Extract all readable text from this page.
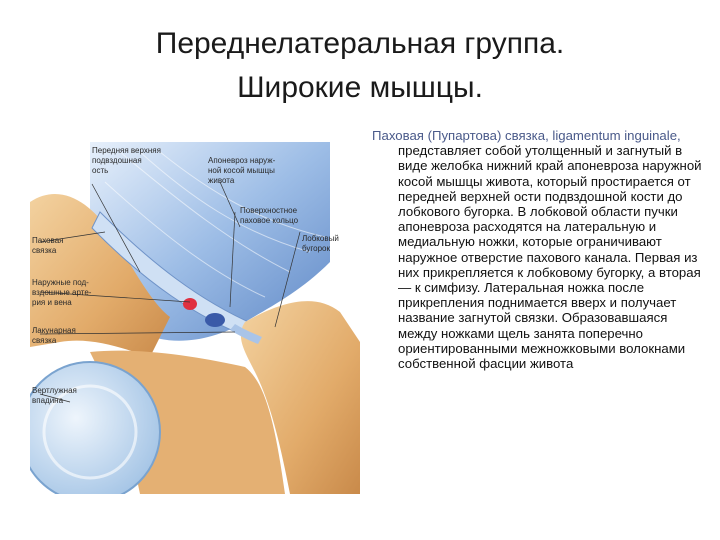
Переднелатеральная группа.
Широкие мышцы.
Передняя верхняя
подвздошная
ость
Апоневроз наруж-
ной косой мышцы
живота
Поверхностное
паховое кольцо
Паховая
связка
Лобковый
бугорок
Наружные под-
вздошные арте-
рия и вена
Лакунарная
связка
Вертлужная
впадина
Паховая (Пупартова) связка, ligamentum inguinale, представляет собой утолщенный и загнутый в виде желобка нижний край апоневроза наружной косой мышцы живота, который простирается от передней верхней ости подвздошной кости до лобкового бугорка. В лобковой области пучки апоневроза расходятся на латеральную и медиальную ножки, которые ограничивают наружное отверстие пахового канала. Первая из них прикрепляется к лобковому бугорку, а вторая — к симфизу. Латеральная ножка после прикрепления поднимается вверх и получает название загнутой связки. Образовавшаяся между ножками щель занята поперечно ориентированными межножковыми волокнами собственной фасции живота
